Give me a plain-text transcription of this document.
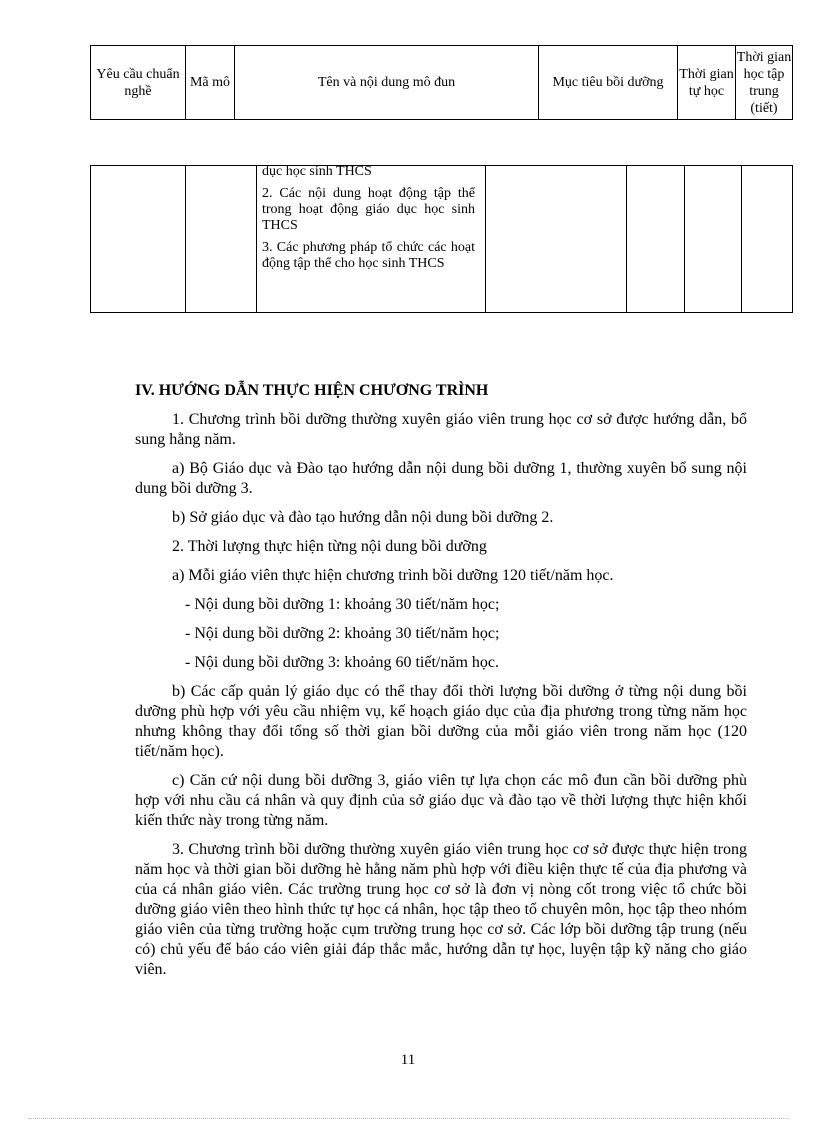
Yêu cầu chuẩn nghề	Mã mô	Tên và nội dung mô đun	Mục tiêu bồi dưỡng	Thời gian tự học	Thời gian học tập trung (tiết)

dục học sinh THCS

2. Các nội dung hoạt động tập thể trong hoạt động giáo dục học sinh THCS

3. Các phương pháp tổ chức các hoạt động tập thể cho học sinh THCS

IV. HƯỚNG DẪN THỰC HIỆN CHƯƠNG TRÌNH

1. Chương trình bồi dưỡng thường xuyên giáo viên trung học cơ sở được hướng dẫn, bổ sung hằng năm.

a) Bộ Giáo dục và Đào tạo hướng dẫn nội dung bồi dưỡng 1, thường xuyên bổ sung nội dung bồi dưỡng 3.

b) Sở giáo dục và đào tạo hướng dẫn nội dung bồi dưỡng 2.

2. Thời lượng thực hiện từng nội dung bồi dưỡng

a) Mỗi giáo viên thực hiện chương trình bồi dưỡng 120 tiết/năm học.

- Nội dung bồi dưỡng 1: khoảng 30 tiết/năm học;

- Nội dung bồi dưỡng 2: khoảng 30 tiết/năm học;

- Nội dung bồi dưỡng 3: khoảng 60 tiết/năm học.

b) Các cấp quản lý giáo dục có thể thay đổi thời lượng bồi dưỡng ở từng nội dung bồi dưỡng phù hợp với yêu cầu nhiệm vụ, kế hoạch giáo dục của địa phương trong từng năm học nhưng không thay đổi tổng số thời gian bồi dưỡng của mỗi giáo viên trong năm học (120 tiết/năm học).

c) Căn cứ nội dung bồi dưỡng 3, giáo viên tự lựa chọn các mô đun cần bồi dưỡng phù hợp với nhu cầu cá nhân và quy định của sở giáo dục và đào tạo về thời lượng thực hiện khối kiến thức này trong từng năm.

3. Chương trình bồi dưỡng thường xuyên giáo viên trung học cơ sở được thực hiện trong năm học và thời gian bồi dưỡng hè hằng năm phù hợp với điều kiện thực tế của địa phương và của cá nhân giáo viên. Các trường trung học cơ sở là đơn vị nòng cốt trong việc tổ chức bồi dưỡng giáo viên theo hình thức tự học cá nhân, học tập theo tổ chuyên môn, học tập theo nhóm giáo viên của từng trường hoặc cụm trường trung học cơ sở. Các lớp bồi dưỡng tập trung (nếu có) chủ yếu để báo cáo viên giải đáp thắc mắc, hướng dẫn tự học, luyện tập kỹ năng cho giáo viên.

11
